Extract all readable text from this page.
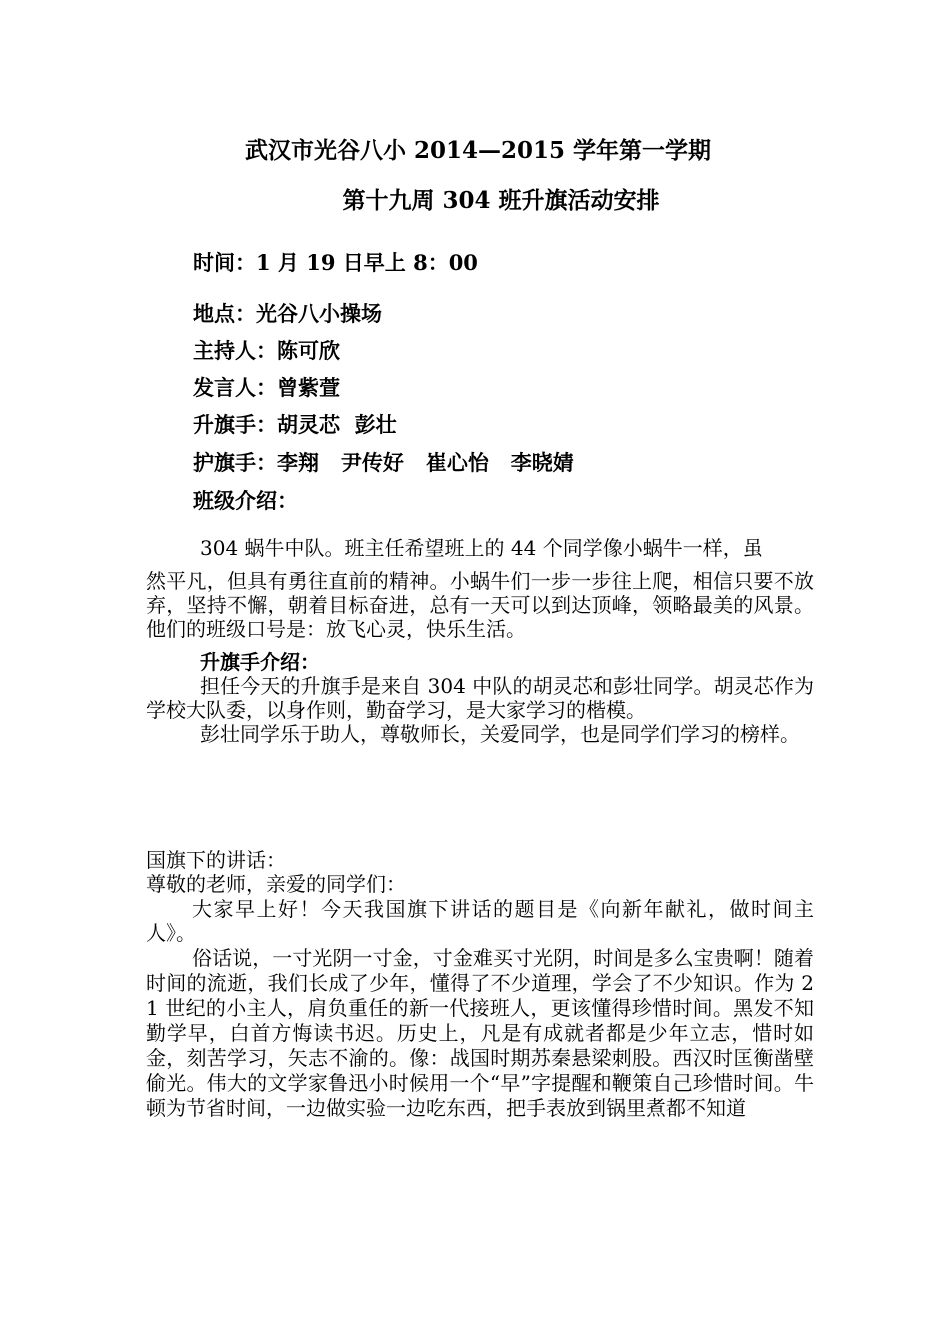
武汉市光谷八小 2014—2015 学年第一学期
第十九周 304 班升旗活动安排
时间：1 月 19 日早上 8：00
地点：光谷八小操场
主持人：陈可欣
发言人：曾紫萱
升旗手：胡灵芯  彭壮
护旗手：李翔   尹传好   崔心怡   李晓婧
班级介绍：

304 蜗牛中队。班主任希望班上的 44 个同学像小蜗牛一样，虽
然平凡，但具有勇往直前的精神。小蜗牛们一步一步往上爬，相信只要不放弃，坚持不懈，朝着目标奋进，总有一天可以到达顶峰，领略最美的风景。他们的班级口号是：放飞心灵，快乐生活。

升旗手介绍：

担任今天的升旗手是来自 304 中队的胡灵芯和彭壮同学。胡灵芯作为学校大队委，以身作则，勤奋学习，是大家学习的楷模。

彭壮同学乐于助人，尊敬师长，关爱同学，也是同学们学习的榜样。

国旗下的讲话：
尊敬的老师，亲爱的同学们：

大家早上好！今天我国旗下讲话的题目是《向新年献礼，做时间主人》。

俗话说，一寸光阴一寸金，寸金难买寸光阴，时间是多么宝贵啊！随着时间的流逝，我们长成了少年，懂得了不少道理，学会了不少知识。作为 21 世纪的小主人，肩负重任的新一代接班人，更该懂得珍惜时间。黑发不知勤学早，白首方悔读书迟。历史上，凡是有成就者都是少年立志，惜时如金，刻苦学习，矢志不渝的。像：战国时期苏秦悬梁刺股。西汉时匡衡凿壁偷光。伟大的文学家鲁迅小时候用一个“早”字提醒和鞭策自己珍惜时间。牛顿为节省时间，一边做实验一边吃东西，把手表放到锅里煮都不知道
